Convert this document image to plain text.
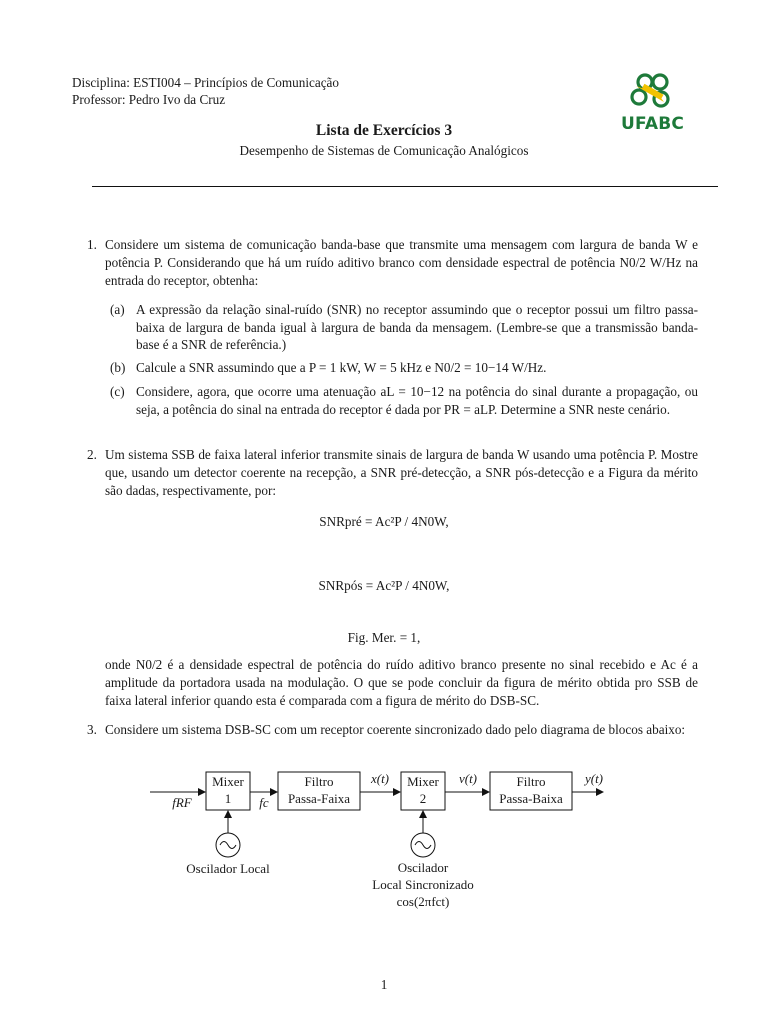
Disciplina: ESTI004 – Princípios de Comunicação
Professor: Pedro Ivo da Cruz
UFABC
Lista de Exercícios 3
Desempenho de Sistemas de Comunicação Analógicos
1. Considere um sistema de comunicação banda-base que transmite uma mensagem com largura de banda W e potência P. Considerando que há um ruído aditivo branco com densidade espectral de potência N0/2 W/Hz na entrada do receptor, obtenha:
(a) A expressão da relação sinal-ruído (SNR) no receptor assumindo que o receptor possui um filtro passa-baixa de largura de banda igual à largura de banda da mensagem. (Lembre-se que a transmissão banda-base é a SNR de referência.)
(b) Calcule a SNR assumindo que a P = 1 kW, W = 5 kHz e N0/2 = 10−14 W/Hz.
(c) Considere, agora, que ocorre uma atenuação aL = 10−12 na potência do sinal durante a propagação, ou seja, a potência do sinal na entrada do receptor é dada por PR = aLP. Determine a SNR neste cenário.
2. Um sistema SSB de faixa lateral inferior transmite sinais de largura de banda W usando uma potência P. Mostre que, usando um detector coerente na recepção, a SNR pré-detecção, a SNR pós-detecção e a Figura da mérito são dadas, respectivamente, por:
SNRpré = Ac²P / 4N0W,
SNRpós = Ac²P / 4N0W,
Fig. Mer. = 1,
onde N0/2 é a densidade espectral de potência do ruído aditivo branco presente no sinal recebido e Ac é a amplitude da portadora usada na modulação. O que se pode concluir da figura de mérito obtida pro SSB de faixa lateral inferior quando esta é comparada com a figura de mérito do DSB-SC.
3. Considere um sistema DSB-SC com um receptor coerente sincronizado dado pelo diagrama de blocos abaixo:
Mixer
1
Filtro
Passa-Faixa
Mixer
2
Filtro
Passa-Baixa
fRF	fc
x(t)	v(t)	y(t)
Oscilador Local	Oscilador
Local Sincronizado
cos(2πfct)
1
